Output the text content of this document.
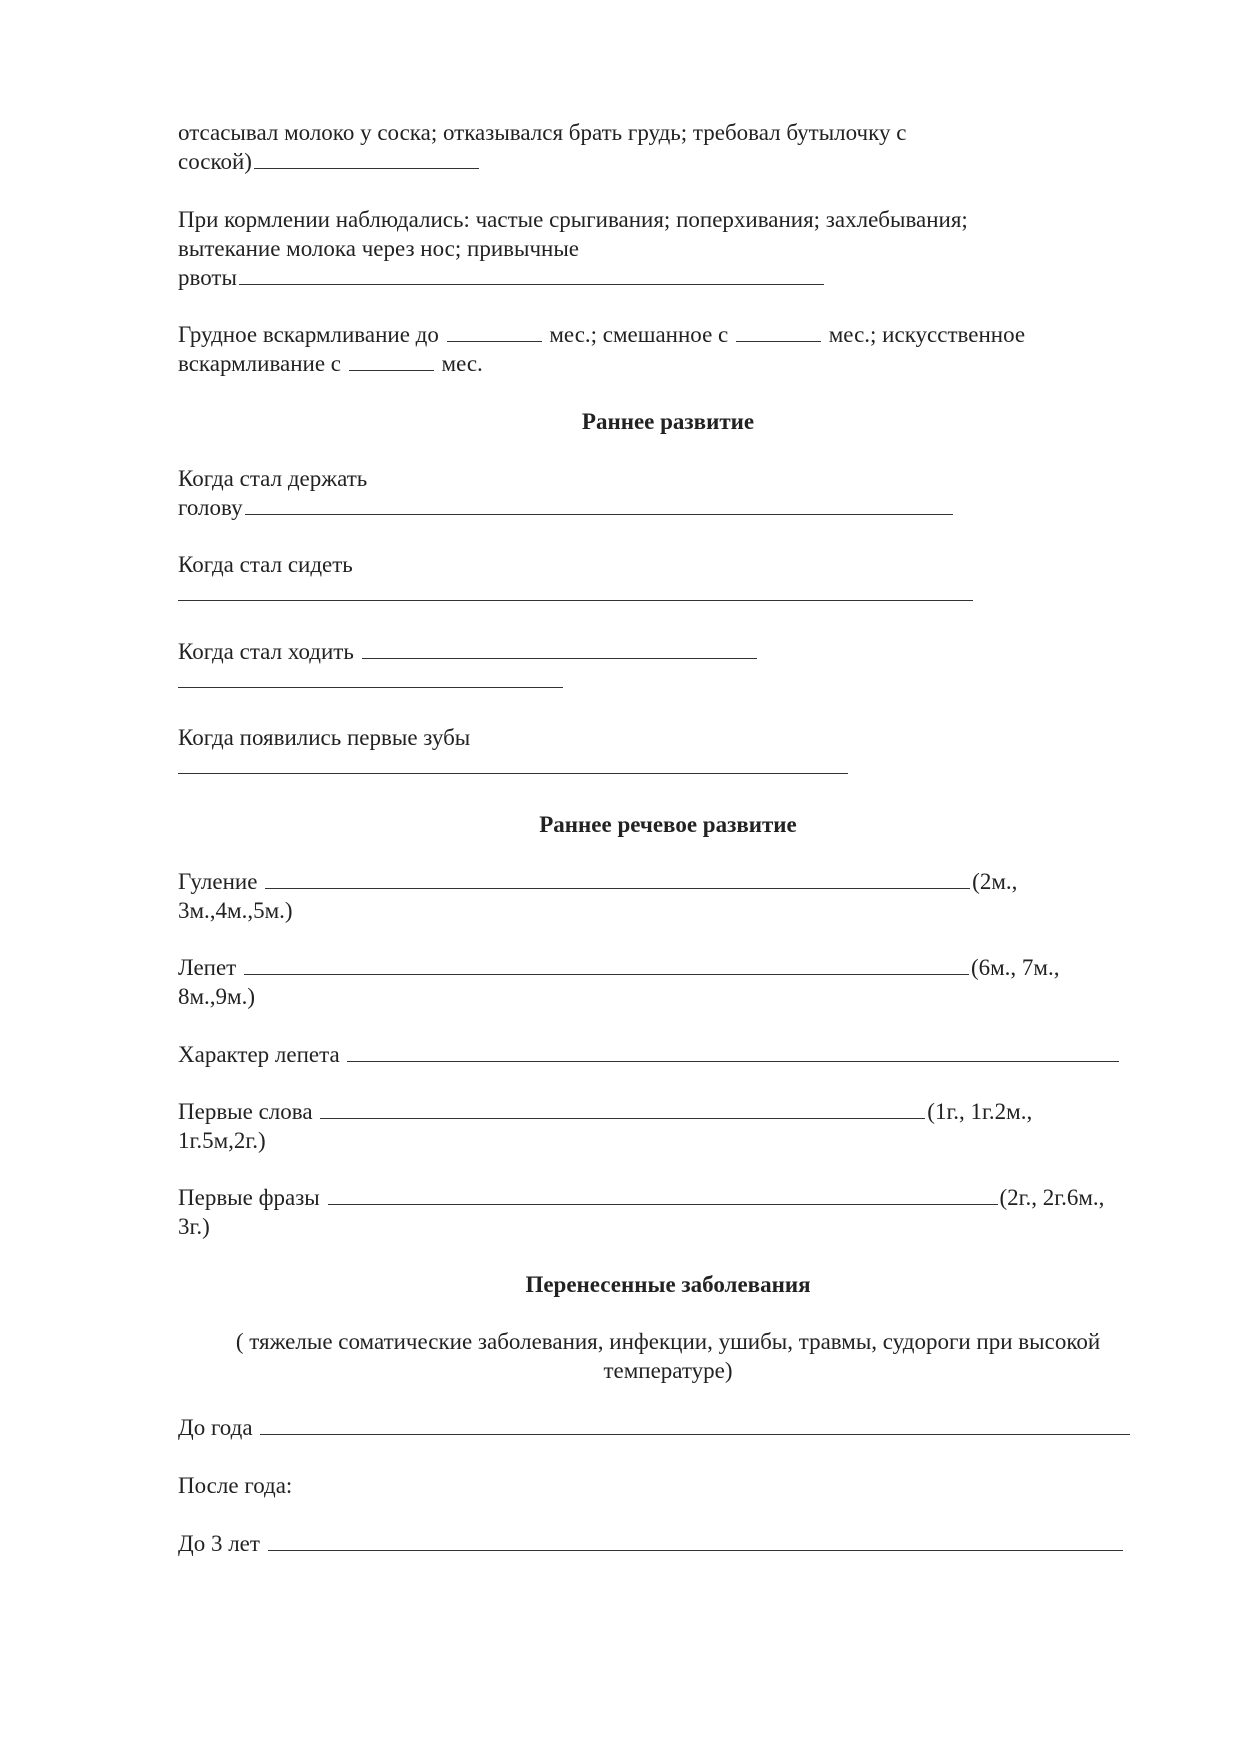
отсасывал молоко у соска; отказывался брать грудь; требовал бутылочку с
соской)

При кормлении наблюдались: частые срыгивания; поперхивания; захлебывания;
вытекание молока через нос; привычные
рвоты

Грудное вскармливание до	мес.; смешанное с	мес.; искусственное
вскармливание с	мес.

Раннее развитие

Когда стал держать
голову

Когда стал сидеть

Когда стал ходить

Когда появились первые зубы

Раннее речевое развитие

Гуление	(2м.,
3м.,4м.,5м.)

Лепет	(6м., 7м.,
8м.,9м.)

Характер лепета

Первые слова	(1г., 1г.2м.,
1г.5м,2г.)

Первые фразы	(2г., 2г.6м.,
3г.)

Перенесенные заболевания

( тяжелые соматические заболевания, инфекции, ушибы, травмы, судороги при высокой
температуре)

До года

После года:

До 3 лет
